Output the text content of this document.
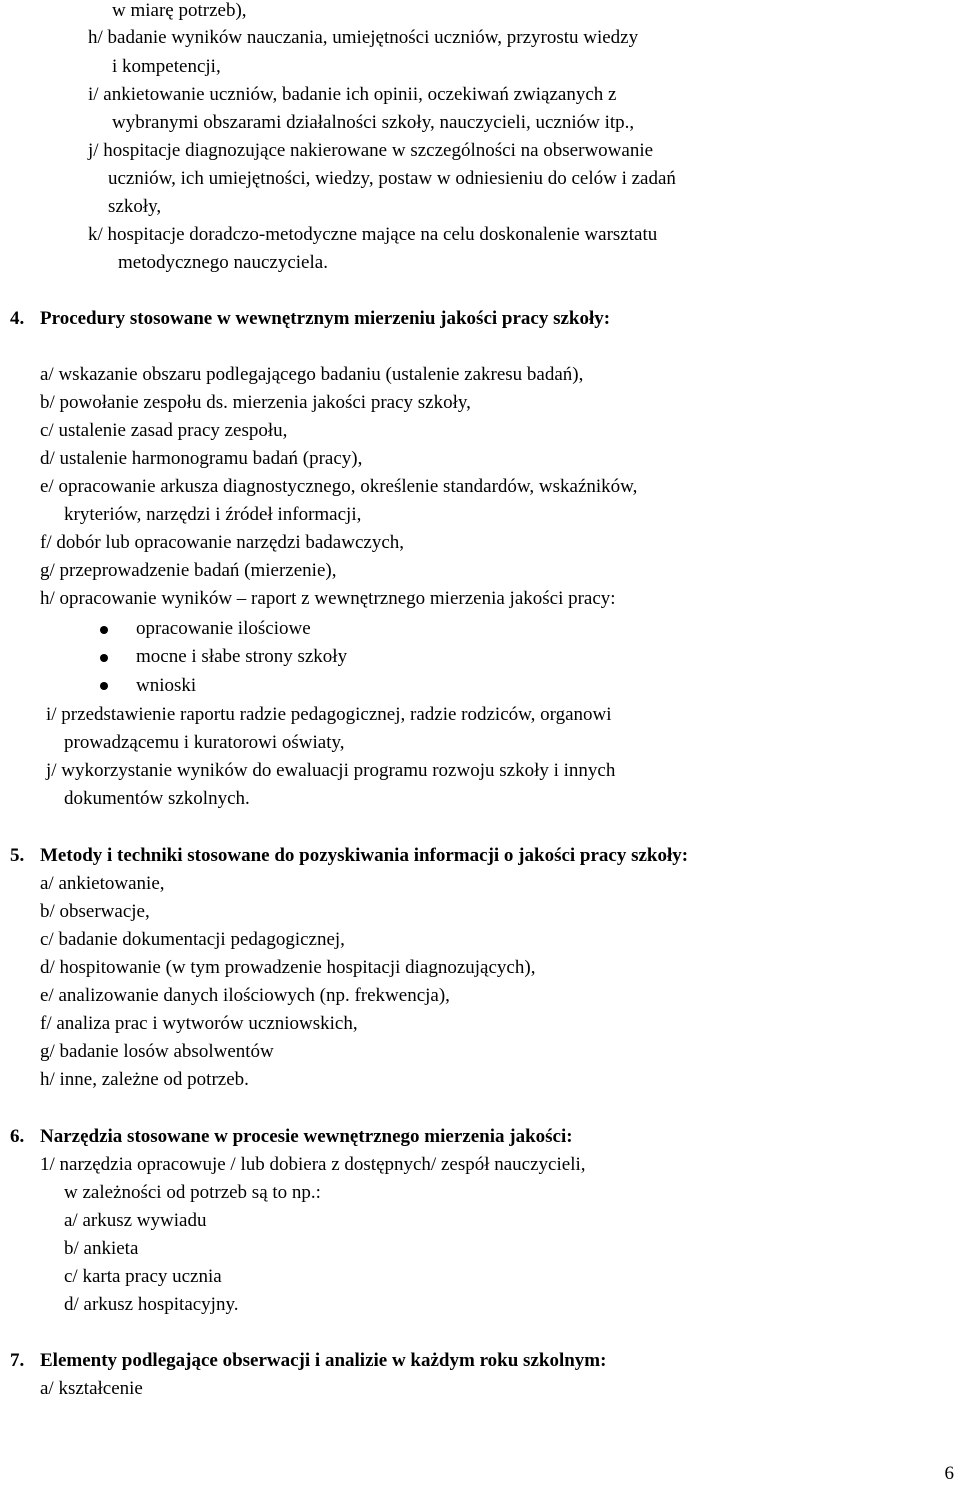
w miarę potrzeb),
h/ badanie wyników nauczania, umiejętności uczniów, przyrostu wiedzy
i kompetencji,
i/ ankietowanie uczniów, badanie ich opinii, oczekiwań związanych z
wybranymi obszarami działalności szkoły, nauczycieli, uczniów itp.,
j/ hospitacje diagnozujące nakierowane w szczególności na obserwowanie
uczniów, ich umiejętności, wiedzy, postaw w odniesieniu do celów i zadań
szkoły,
k/ hospitacje doradczo-metodyczne mające na celu doskonalenie warsztatu
metodycznego nauczyciela.
4. Procedury stosowane w wewnętrznym mierzeniu jakości pracy szkoły:
a/ wskazanie obszaru podlegającego badaniu (ustalenie zakresu badań),
b/ powołanie zespołu ds. mierzenia jakości pracy szkoły,
c/ ustalenie zasad pracy zespołu,
d/ ustalenie harmonogramu badań (pracy),
e/ opracowanie arkusza diagnostycznego, określenie standardów, wskaźników,
kryteriów, narzędzi i źródeł informacji,
f/ dobór lub opracowanie narzędzi badawczych,
g/ przeprowadzenie badań (mierzenie),
h/ opracowanie wyników – raport z wewnętrznego mierzenia jakości pracy:
opracowanie ilościowe
mocne i słabe strony szkoły
wnioski
i/ przedstawienie raportu radzie pedagogicznej, radzie rodziców, organowi
prowadzącemu i kuratorowi oświaty,
j/ wykorzystanie wyników do ewaluacji programu rozwoju szkoły i innych
dokumentów szkolnych.
5. Metody i techniki stosowane do pozyskiwania informacji o jakości pracy szkoły:
a/ ankietowanie,
b/ obserwacje,
c/ badanie dokumentacji pedagogicznej,
d/ hospitowanie (w tym prowadzenie hospitacji diagnozujących),
e/ analizowanie danych ilościowych (np. frekwencja),
f/ analiza prac i wytworów uczniowskich,
g/ badanie losów absolwentów
h/ inne, zależne od potrzeb.
6. Narzędzia stosowane w procesie wewnętrznego mierzenia jakości:
1/ narzędzia opracowuje / lub dobiera z dostępnych/ zespół nauczycieli,
w zależności od potrzeb są to np.:
a/ arkusz wywiadu
b/ ankieta
c/ karta pracy ucznia
d/ arkusz hospitacyjny.
7. Elementy podlegające obserwacji i analizie w każdym roku szkolnym:
a/ kształcenie
6
